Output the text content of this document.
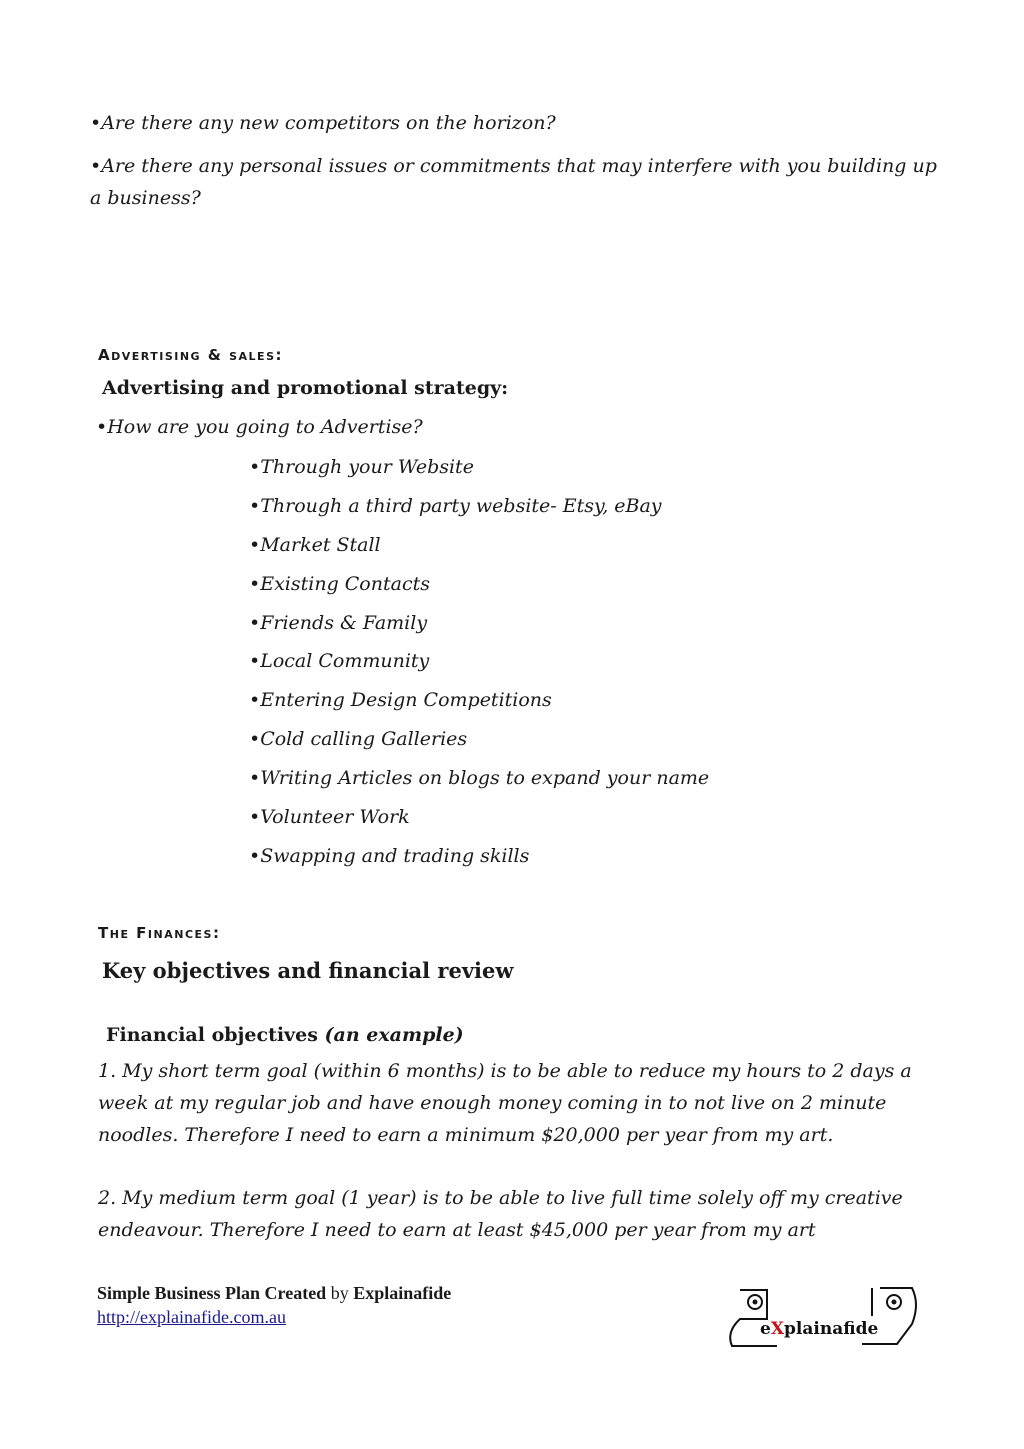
•Are there any new competitors on the horizon?
•Are there any personal issues or commitments that may interfere with you building up a business?
Advertising & sales:
Advertising and promotional strategy:
•How are you going to Advertise?
•Through your Website
•Through a third party website- Etsy, eBay
•Market Stall
•Existing Contacts
•Friends & Family
•Local Community
•Entering Design Competitions
•Cold calling Galleries
•Writing Articles on blogs to expand your name
•Volunteer Work
•Swapping and trading skills
The Finances:
Key objectives and financial review
Financial objectives (an example)
1. My short term goal (within 6 months) is to be able to reduce my hours to 2 days a week at my regular job and have enough money coming in to not live on 2 minute noodles. Therefore I need to earn a minimum $20,000 per year from my art.
2. My medium term goal (1 year) is to be able to live full time solely off my creative endeavour. Therefore I need to earn at least $45,000 per year from my art
Simple Business Plan Created by Explainafide
http://explainafide.com.au
eXplainafide
